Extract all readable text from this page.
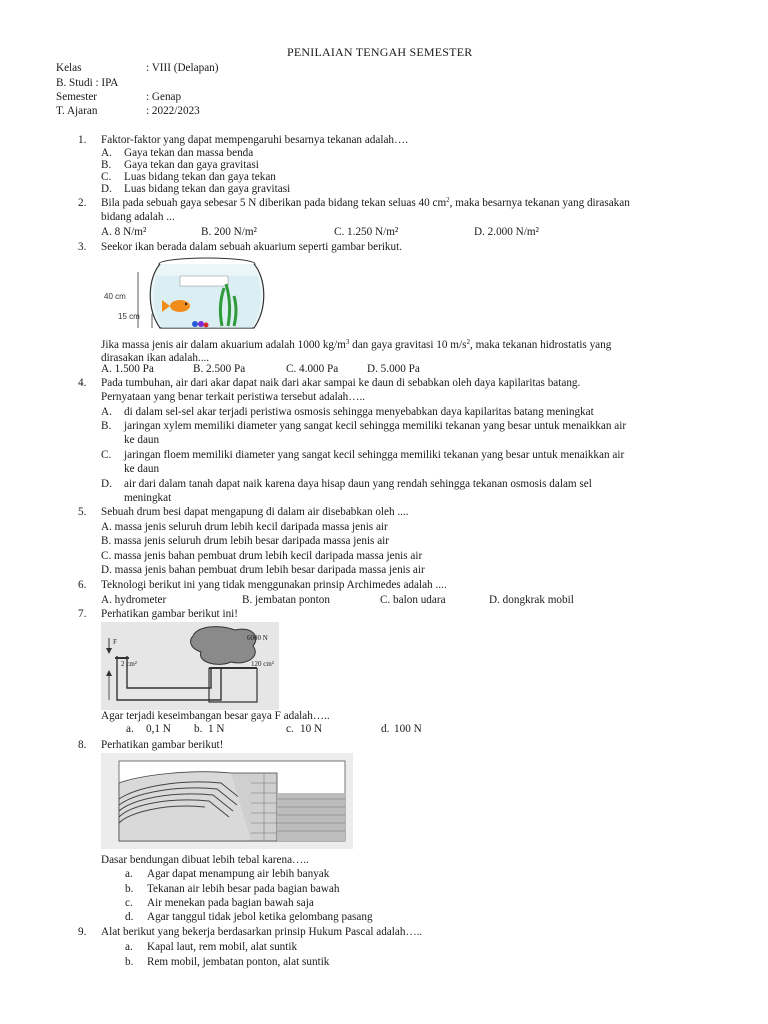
PENILAIAN TENGAH SEMESTER
Kelas	: VIII (Delapan)
B. Studi : IPA
Semester	: Genap
T. Ajaran	: 2022/2023
1. Faktor-faktor yang dapat mempengaruhi besarnya tekanan adalah….
A. Gaya tekan dan massa benda
B. Gaya tekan dan gaya gravitasi
C. Luas bidang tekan dan gaya tekan
D. Luas bidang tekan dan gaya gravitasi
2. Bila pada sebuah gaya sebesar 5 N diberikan pada bidang tekan seluas 40 $cm^2$, maka besarnya tekanan yang dirasakan
bidang adalah ...
A. 8 N/m²	B. 200 N/m²	C. 1.250 N/m²	D. 2.000 N/m²
3. Seekor ikan berada dalam sebuah akuarium seperti gambar berikut.
40 cm
15 cm
Jika massa jenis air dalam akuarium adalah 1000 $kg/m^3$ dan gaya gravitasi 10 $m/s^2$, maka tekanan hidrostatis yang
dirasakan ikan adalah....
A. 1.500 Pa	B. 2.500 Pa	C. 4.000 Pa	D. 5.000 Pa
4. Pada tumbuhan, air dari akar dapat naik dari akar sampai ke daun di sebabkan oleh daya kapilaritas batang.
Pernyataan yang benar terkait peristiwa tersebut adalah…..
A. di dalam sel-sel akar terjadi peristiwa osmosis sehingga menyebabkan daya kapilaritas batang meningkat
B. jaringan xylem memiliki diameter yang sangat kecil sehingga memiliki tekanan yang besar untuk menaikkan air
ke daun
C. jaringan floem memiliki diameter yang sangat kecil sehingga memiliki tekanan yang besar untuk menaikkan air
ke daun
D. air dari dalam tanah dapat naik karena daya hisap daun yang rendah sehingga tekanan osmosis dalam sel
meningkat
5. Sebuah drum besi dapat mengapung di dalam air disebabkan oleh ....
A. massa jenis seluruh drum lebih kecil daripada massa jenis air
B. massa jenis seluruh drum lebih besar daripada massa jenis air
C. massa jenis bahan pembuat drum lebih kecil daripada massa jenis air
D. massa jenis bahan pembuat drum lebih besar daripada massa jenis air
6. Teknologi berikut ini yang tidak menggunakan prinsip Archimedes adalah ....
A. hydrometer	B. jembatan ponton	C. balon udara	D. dongkrak mobil
7. Perhatikan gambar berikut ini!
F
2 cm²
6000 N
120 cm²
Agar terjadi keseimbangan besar gaya F adalah…..
a. 0,1 N b. 1 N	c. 10 N	d. 100 N
8. Perhatikan gambar berikut!
Dasar bendungan dibuat lebih tebal karena…..
a. Agar dapat menampung air lebih banyak
b. Tekanan air lebih besar pada bagian bawah
c. Air menekan pada bagian bawah saja
d. Agar tanggul tidak jebol ketika gelombang pasang
9. Alat berikut yang bekerja berdasarkan prinsip Hukum Pascal adalah…..
a. Kapal laut, rem mobil, alat suntik
b. Rem mobil, jembatan ponton, alat suntik
